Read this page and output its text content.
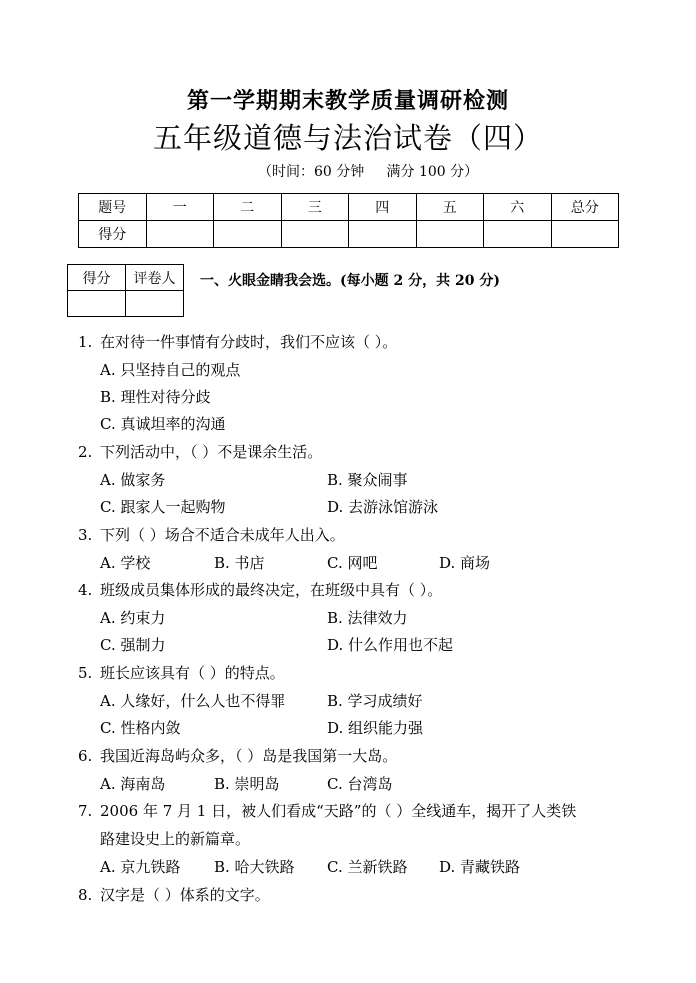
第一学期期末教学质量调研检测
五年级道德与法治试卷（四）
（时间：60 分钟     满分 100 分）
题号	一	二	三	四	五	六	总分
得分							
得分	评卷人
	一、火眼金睛我会选。(每小题 2 分，共 20 分)
1. 在对待一件事情有分歧时，我们不应该（ ）。
A. 只坚持自己的观点
B. 理性对待分歧
C. 真诚坦率的沟通
2. 下列活动中，（ ）不是课余生活。
A. 做家务	B. 聚众闹事
C. 跟家人一起购物	D. 去游泳馆游泳
3. 下列（ ）场合不适合未成年人出入。
A. 学校	B. 书店	C. 网吧	D. 商场
4. 班级成员集体形成的最终决定，在班级中具有（ ）。
A. 约束力	B. 法律效力
C. 强制力	D. 什么作用也不起
5. 班长应该具有（ ）的特点。
A. 人缘好，什么人也不得罪	B. 学习成绩好
C. 性格内敛	D. 组织能力强
6. 我国近海岛屿众多，（ ）岛是我国第一大岛。
A. 海南岛	B. 崇明岛	C. 台湾岛
7. 2006 年 7 月 1 日，被人们看成“天路”的（ ）全线通车，揭开了人类铁
路建设史上的新篇章。
A. 京九铁路 B. 哈大铁路 C. 兰新铁路 D. 青藏铁路
8. 汉字是（ ）体系的文字。
